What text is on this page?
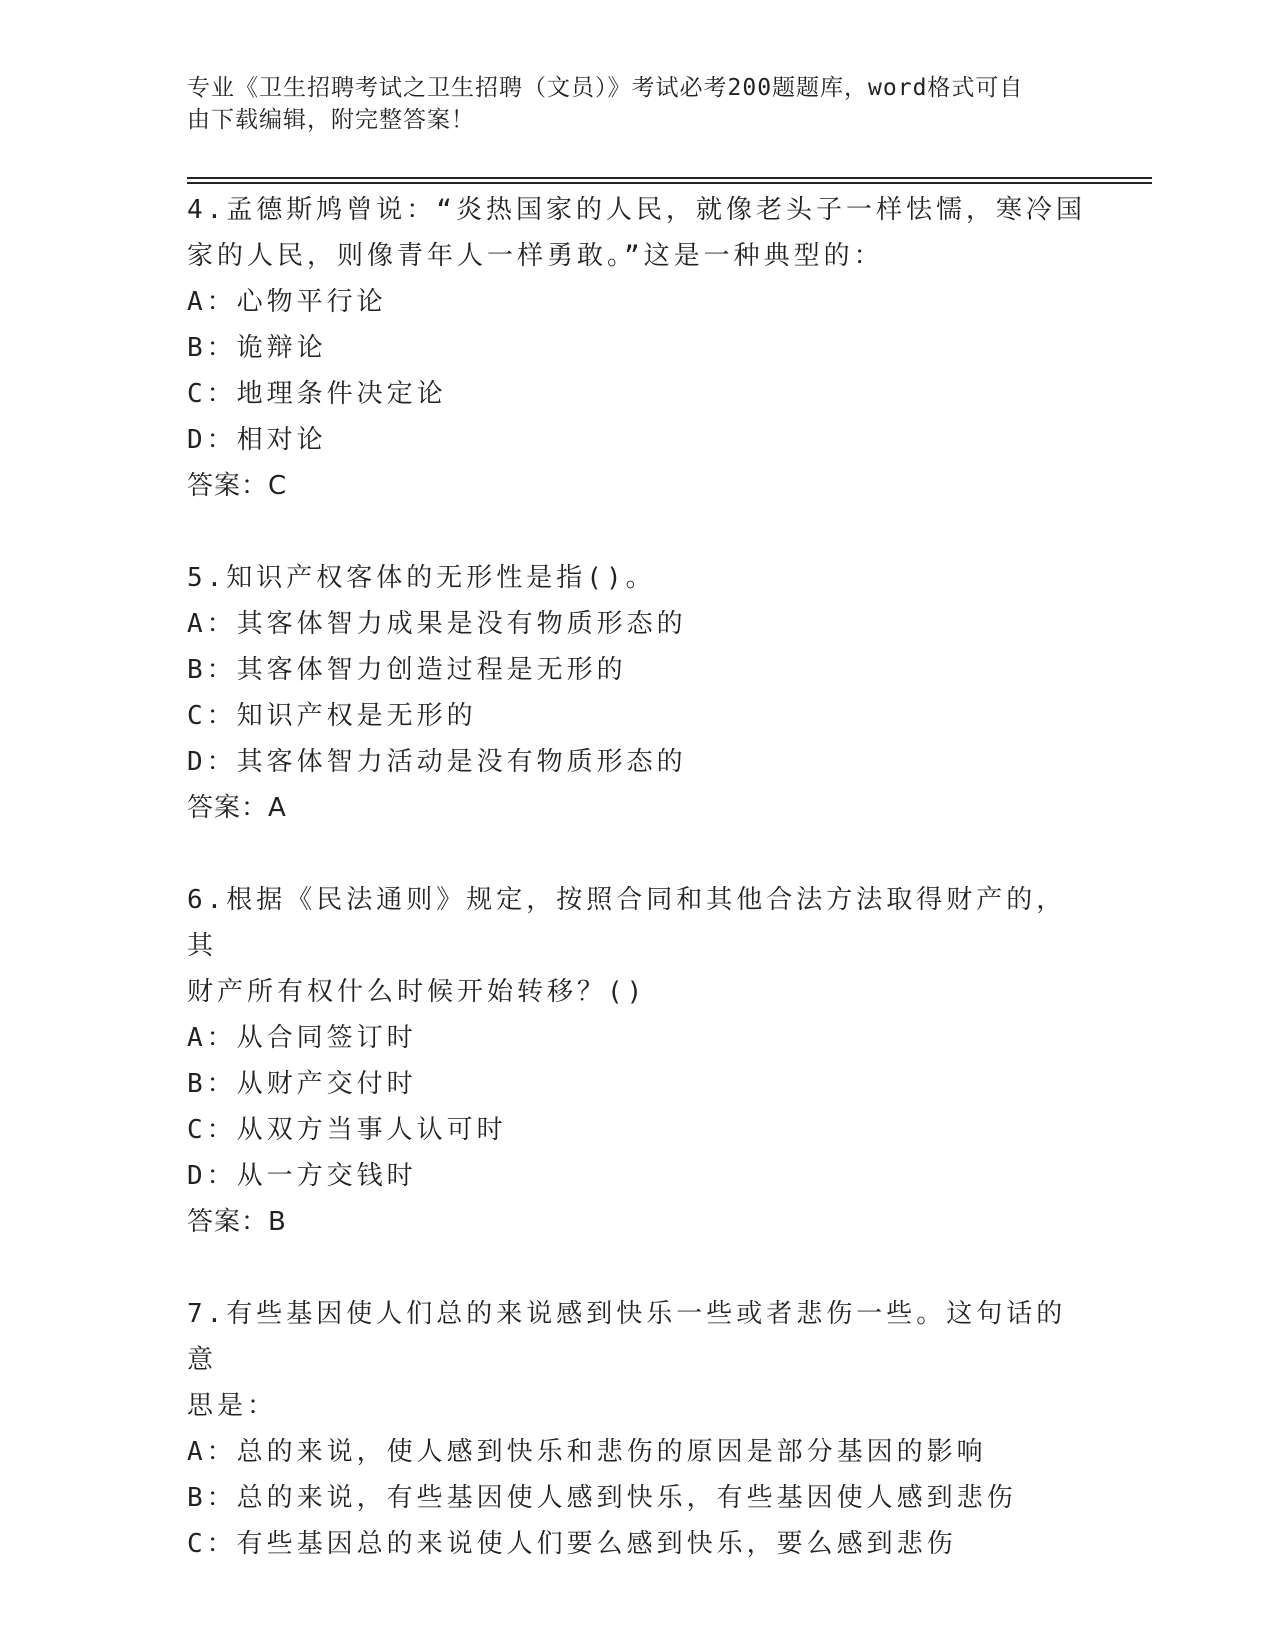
专业《卫生招聘考试之卫生招聘（文员）》考试必考200题题库，word格式可自
由下载编辑，附完整答案！
4.孟德斯鸠曾说：“炎热国家的人民，就像老头子一样怯懦，寒冷国
家的人民，则像青年人一样勇敢。”这是一种典型的：
A：心物平行论
B：诡辩论
C：地理条件决定论
D：相对论
答案：C
5.知识产权客体的无形性是指()。
A：其客体智力成果是没有物质形态的
B：其客体智力创造过程是无形的
C：知识产权是无形的
D：其客体智力活动是没有物质形态的
答案：A
6.根据《民法通则》规定，按照合同和其他合法方法取得财产的，其
财产所有权什么时候开始转移？()
A：从合同签订时
B：从财产交付时
C：从双方当事人认可时
D：从一方交钱时
答案：B
7.有些基因使人们总的来说感到快乐一些或者悲伤一些。这句话的意
思是：
A：总的来说，使人感到快乐和悲伤的原因是部分基因的影响
B：总的来说，有些基因使人感到快乐，有些基因使人感到悲伤
C：有些基因总的来说使人们要么感到快乐，要么感到悲伤
